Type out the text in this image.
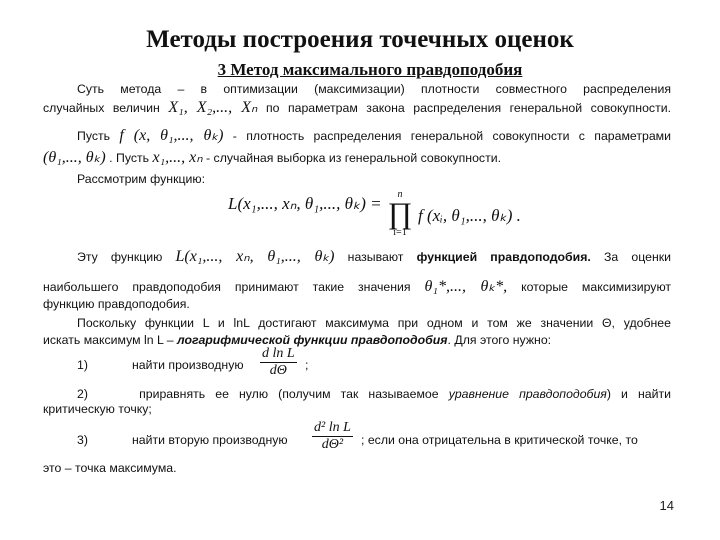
Методы построения точечных оценок
3 Метод максимального правдоподобия
Суть метода – в оптимизации (максимизации) плотности совместного распределения
случайных величин X₁, X₂,..., Xₙ по параметрам закона распределения генеральной совокупности.
Пусть f (x, θ₁,..., θₖ) - плотность распределения генеральной совокупности с параметрами
(θ₁,..., θₖ) . Пусть x₁,..., xₙ - случайная выборка из генеральной совокупности.
Рассмотрим функцию:
L(x₁,..., xₙ, θ₁,..., θₖ) =	n
∏
i=1
f (xᵢ, θ₁,..., θₖ) .
Эту функцию L(x₁,..., xₙ, θ₁,..., θₖ) называют функцией правдоподобия. За оценки
наибольшего правдоподобия принимают такие значения θ₁*,..., θₖ*, которые максимизируют
функцию правдоподобия.
Поскольку функции L и lnL достигают максимума при одном и том же значении Θ, удобнее
искать максимум ln L – логарифмической функции правдоподобия. Для этого нужно:
1)	найти производную $\frac{\text{d ln L}}{d\Theta}$ ;
2)	приравнять ее нулю (получим так называемое уравнение правдоподобия) и найти
критическую точку;
3)	найти вторую производную $\frac{\text{d² ln L}}{\text{dΘ²}}$ ; если она отрицательна в критической точке, то
это – точка максимума.
14
